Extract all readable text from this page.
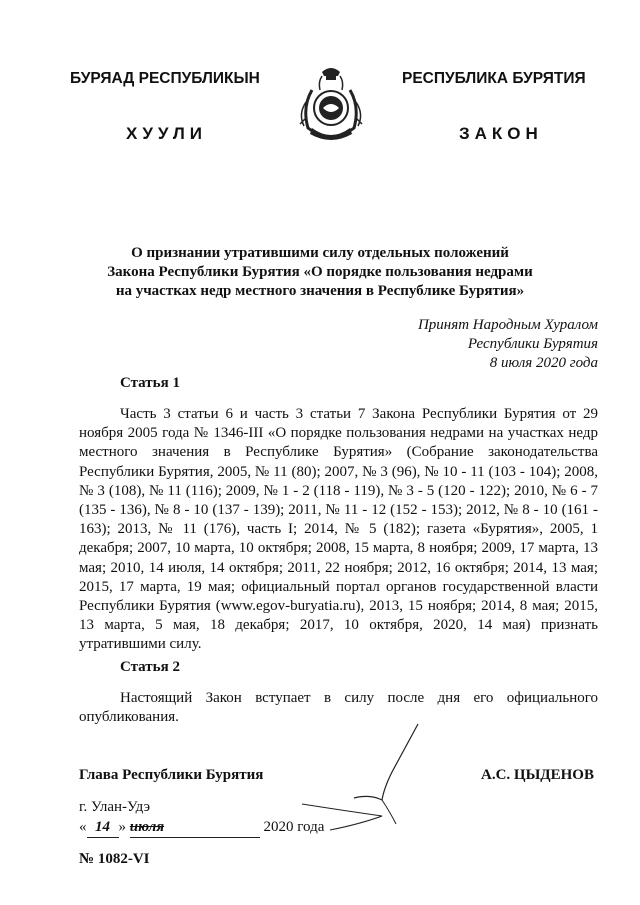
БУРЯАД РЕСПУБЛИКЫН	РЕСПУБЛИКА БУРЯТИЯ
ХУУЛИ	ЗАКОН
О признании утратившими силу отдельных положений
Закона Республики Бурятия «О порядке пользования недрами
на участках недр местного значения в Республике Бурятия»
Принят Народным Хуралом
Республики Бурятия
8 июля 2020 года
Статья 1
Часть 3 статьи 6 и часть 3 статьи 7 Закона Республики Бурятия от 29 ноября 2005 года № 1346-III «О порядке пользования недрами на участках недр местного значения в Республике Бурятия» (Собрание законодательства Республики Бурятия, 2005, № 11 (80); 2007, № 3 (96), № 10 - 11 (103 - 104); 2008, № 3 (108), № 11 (116); 2009, № 1 - 2 (118 - 119), № 3 - 5 (120 - 122); 2010, № 6 - 7 (135 - 136), № 8 - 10 (137 - 139); 2011, № 11 - 12 (152 - 153); 2012, № 8 - 10 (161 - 163); 2013, № 11 (176), часть I; 2014, № 5 (182); газета «Бурятия», 2005, 1 декабря; 2007, 10 марта, 10 октября; 2008, 15 марта, 8 ноября; 2009, 17 марта, 13 мая; 2010, 14 июля, 14 октября; 2011, 22 ноября; 2012, 16 октября; 2014, 13 мая; 2015, 17 марта, 19 мая; официальный портал органов государственной власти Республики Бурятия (www.egov-buryatia.ru), 2013, 15 ноября; 2014, 8 мая; 2015, 13 марта, 5 мая, 18 декабря; 2017, 10 октября, 2020, 14 мая) признать утратившими силу.
Статья 2
Настоящий Закон вступает в силу после дня его официального опубликования.
Глава Республики Бурятия	А.С. ЦЫДЕНОВ
г. Улан-Удэ
« 14 » июля	2020 года
№ 1082-VI
